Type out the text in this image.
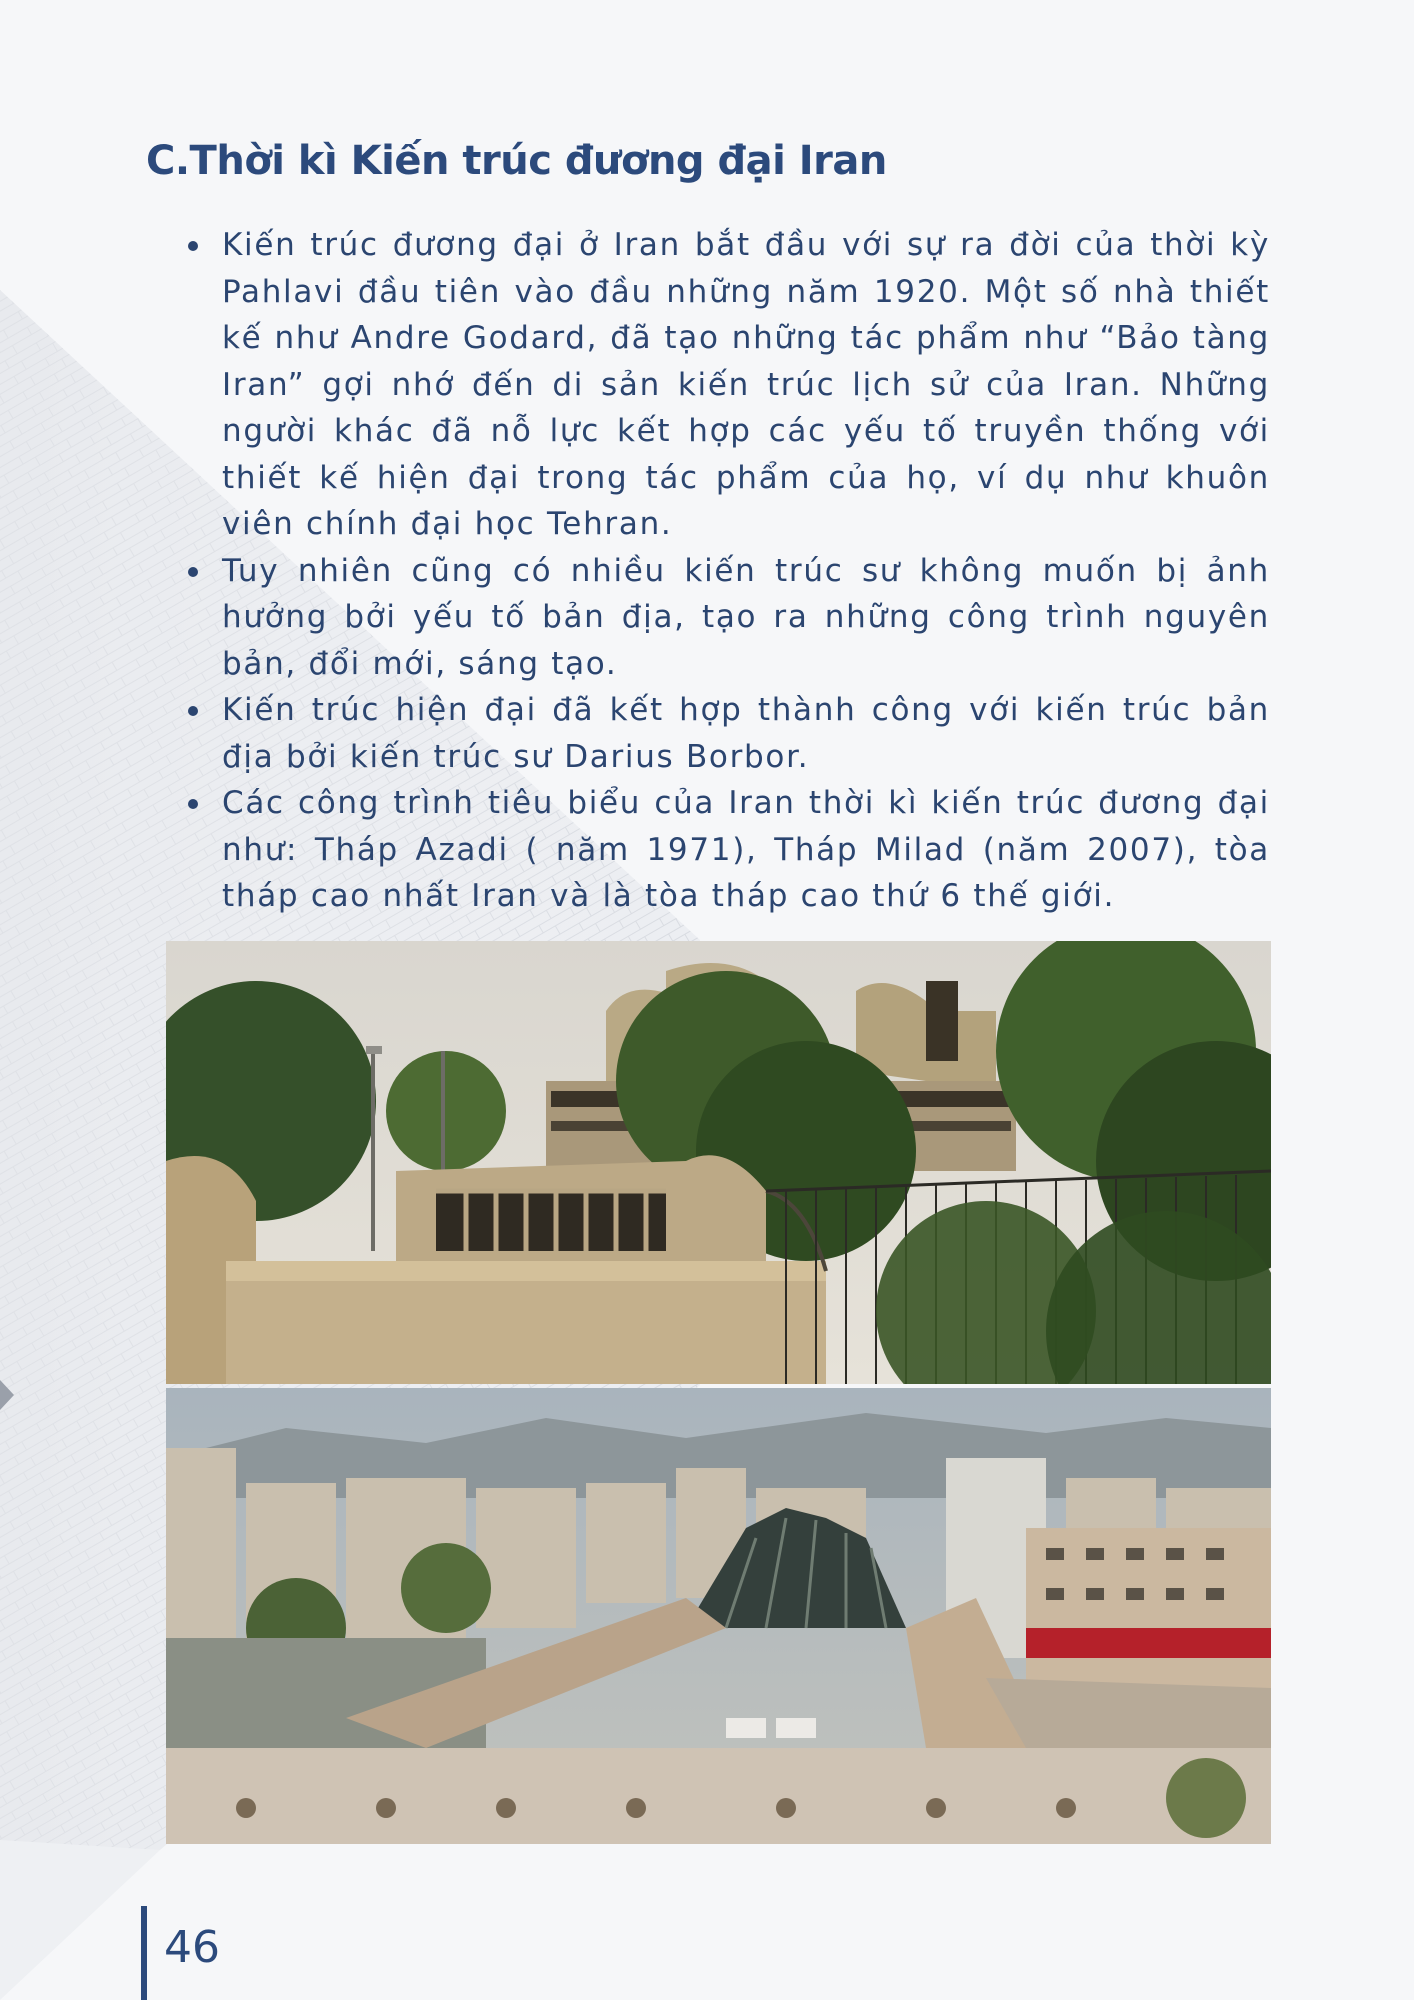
C.Thời kì Kiến trúc đương đại Iran
Kiến trúc đương đại ở Iran bắt đầu với sự ra đời của thời kỳ Pahlavi đầu tiên vào đầu những năm 1920. Một số nhà thiết kế như Andre Godard, đã tạo những tác phẩm như “Bảo tàng Iran” gợi nhớ đến di sản kiến trúc lịch sử của Iran. Những người khác đã nỗ lực kết hợp các yếu tố truyền thống với thiết kế hiện đại trong tác phẩm của họ, ví dụ như khuôn viên chính đại học Tehran.
Tuy nhiên cũng có nhiều kiến trúc sư không muốn bị ảnh hưởng bởi yếu tố bản địa, tạo ra những công trình nguyên bản, đổi mới, sáng tạo.
Kiến trúc hiện đại đã kết hợp thành công với kiến trúc bản địa bởi kiến trúc sư Darius Borbor.
Các công trình tiêu biểu của Iran thời kì kiến trúc đương đại như: Tháp Azadi ( năm 1971), Tháp Milad (năm 2007), tòa tháp cao nhất Iran và là tòa tháp cao thứ 6 thế giới.
46
